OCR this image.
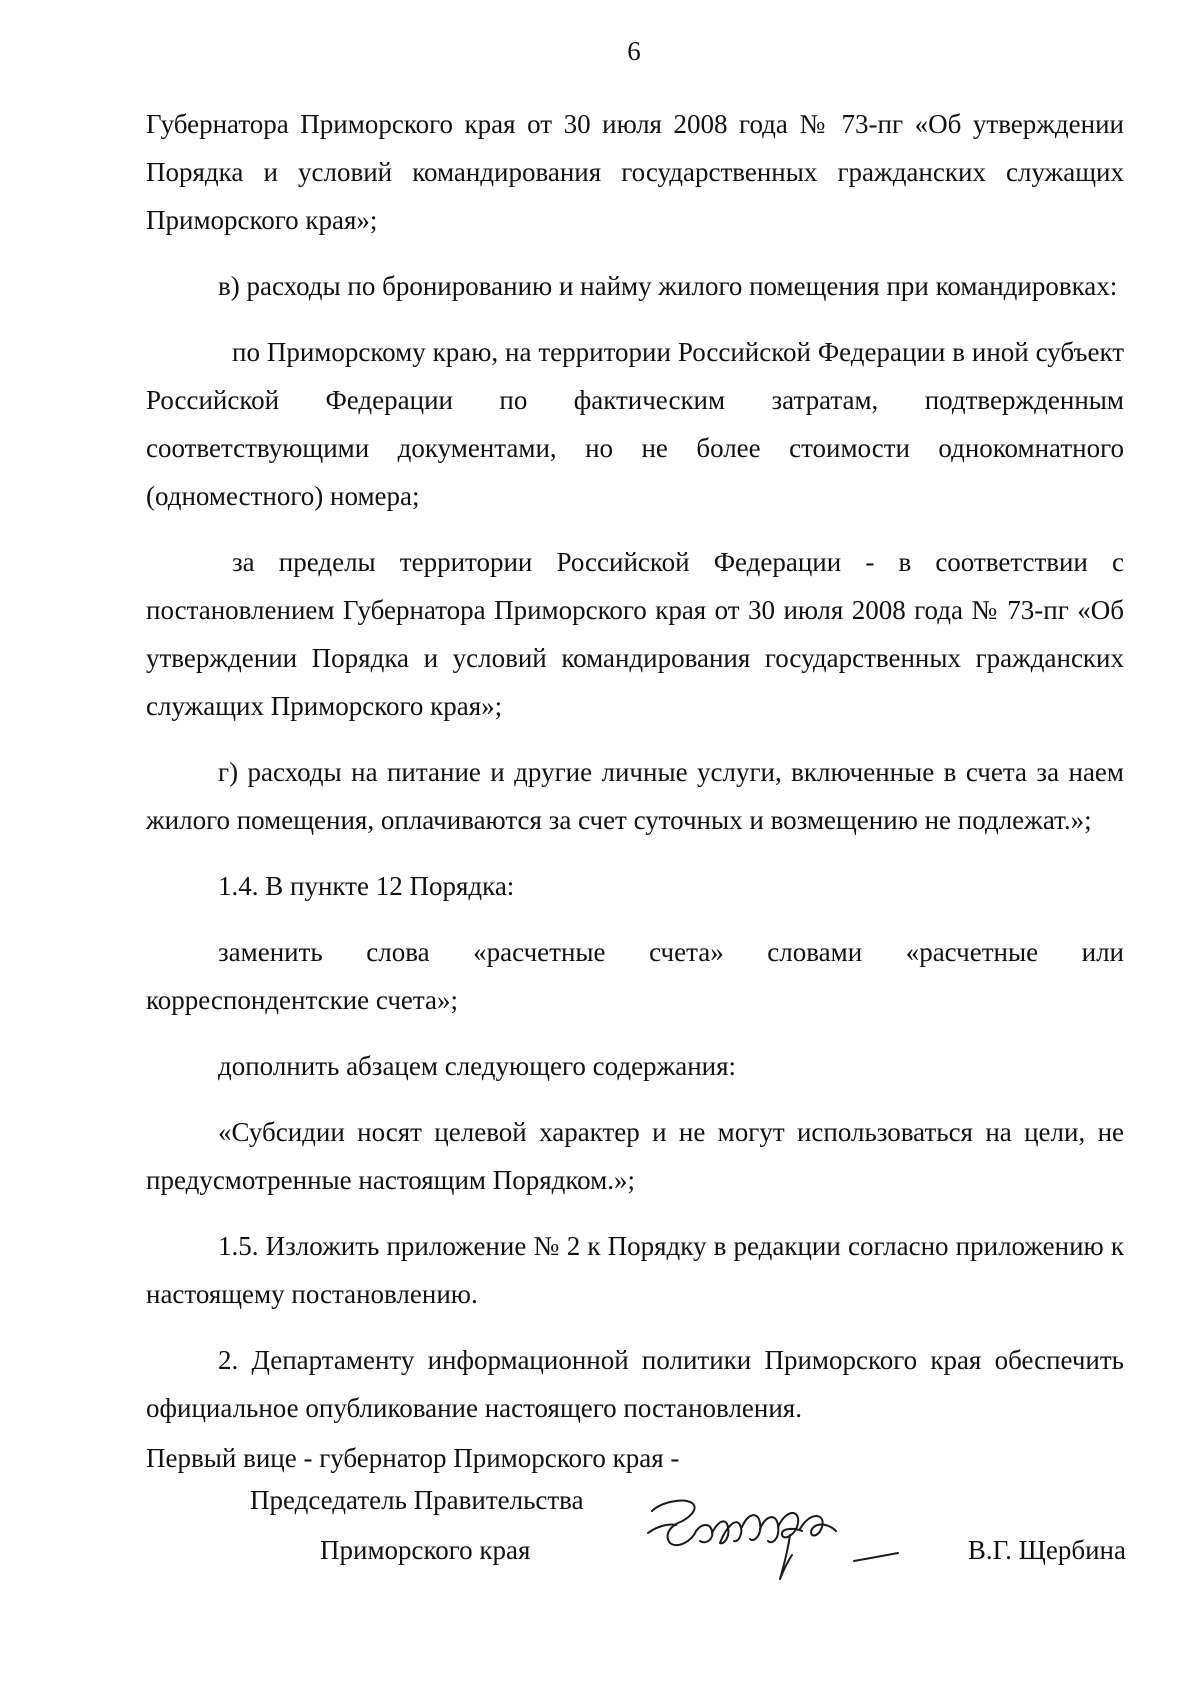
6

Губернатора Приморского края от 30 июля 2008 года № 73-пг «Об утверждении Порядка и условий командирования государственных гражданских служащих Приморского края»;

в) расходы по бронированию и найму жилого помещения при командировках:

по Приморскому краю, на территории Российской Федерации в иной субъект Российской Федерации по фактическим затратам, подтвержденным соответствующими документами, но не более стоимости однокомнатного (одноместного) номера;

за пределы территории Российской Федерации - в соответствии с постановлением Губернатора Приморского края от 30 июля 2008 года № 73-пг «Об утверждении Порядка и условий командирования государственных гражданских служащих Приморского края»;

г) расходы на питание и другие личные услуги, включенные в счета за наем жилого помещения, оплачиваются за счет суточных и возмещению не подлежат.»;

1.4. В пункте 12 Порядка:

заменить слова «расчетные счета» словами «расчетные или корреспондентские счета»;

дополнить абзацем следующего содержания:

«Субсидии носят целевой характер и не могут использоваться на цели, не предусмотренные настоящим Порядком.»;

1.5. Изложить приложение № 2 к Порядку в редакции согласно приложению к настоящему постановлению.

2. Департаменту информационной политики Приморского края обеспечить официальное опубликование настоящего постановления.

Первый вице - губернатор Приморского края -
Председатель Правительства
Приморского края	В.Г. Щербина
